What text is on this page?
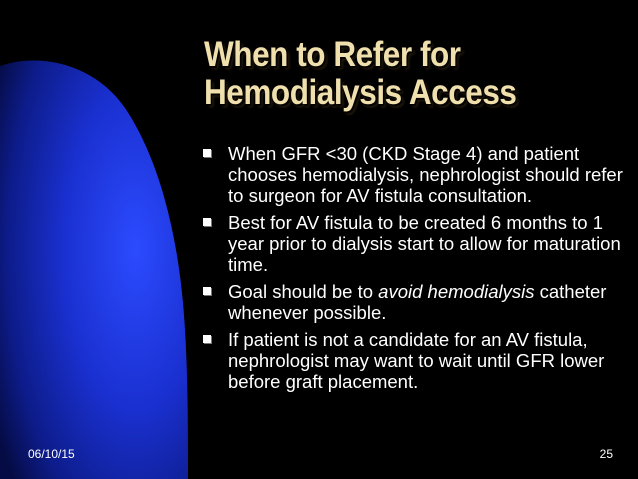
When to Refer for
Hemodialysis Access
When GFR <30 (CKD Stage 4) and patient chooses hemodialysis, nephrologist should refer to surgeon for AV fistula consultation.
Best for AV fistula to be created 6 months to 1 year prior to dialysis start to allow for maturation time.
Goal should be to avoid hemodialysis catheter whenever possible.
If patient is not a candidate for an AV fistula, nephrologist may want to wait until GFR lower before graft placement.
06/10/15	25
